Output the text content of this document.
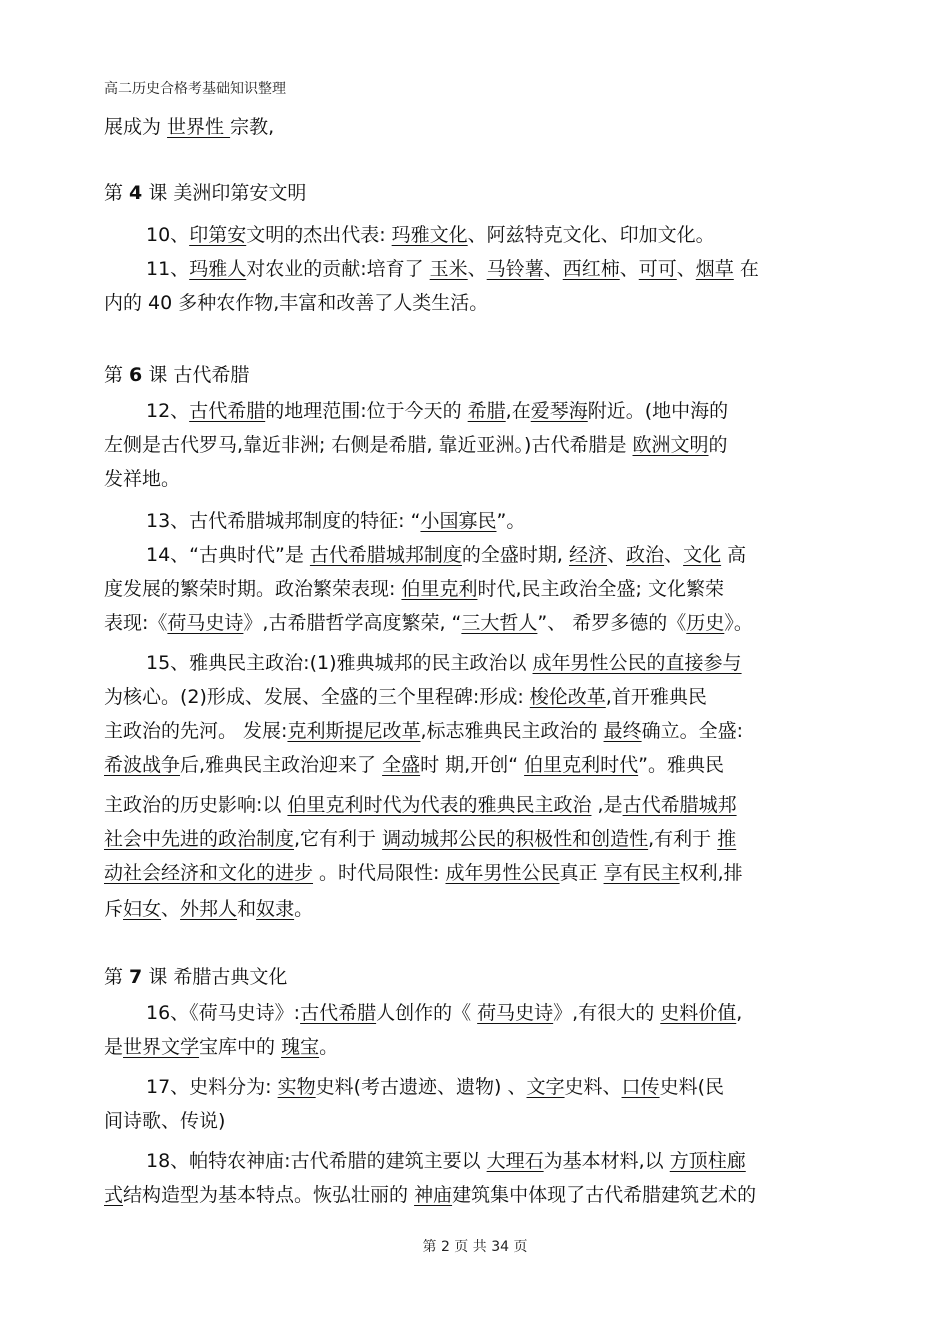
高二历史合格考基础知识整理
展成为 世界性 宗教,
第 4 课 美洲印第安文明
10、印第安文明的杰出代表: 玛雅文化、阿兹特克文化、印加文化。
11、玛雅人对农业的贡献:培育了 玉米、马铃薯、西红柿、可可、烟草 在
内的 40 多种农作物,丰富和改善了人类生活。
第 6 课 古代希腊
12、古代希腊的地理范围:位于今天的 希腊,在爱琴海附近。(地中海的
左侧是古代罗马,靠近非洲; 右侧是希腊, 靠近亚洲。)古代希腊是 欧洲文明的
发祥地。
13、古代希腊城邦制度的特征: “小国寡民”。
14、“古典时代”是 古代希腊城邦制度的全盛时期, 经济、政治、文化 高
度发展的繁荣时期。政治繁荣表现: 伯里克利时代,民主政治全盛; 文化繁荣
表现:《荷马史诗》,古希腊哲学高度繁荣, “三大哲人”、 希罗多德的《历史》。
15、雅典民主政治:(1)雅典城邦的民主政治以 成年男性公民的直接参与
为核心。(2)形成、发展、全盛的三个里程碑:形成: 梭伦改革,首开雅典民
主政治的先河。 发展:克利斯提尼改革,标志雅典民主政治的 最终确立。全盛:
希波战争后,雅典民主政治迎来了 全盛时 期,开创“ 伯里克利时代”。雅典民
主政治的历史影响:以 伯里克利时代为代表的雅典民主政治 ,是古代希腊城邦
社会中先进的政治制度,它有利于 调动城邦公民的积极性和创造性,有利于 推
动社会经济和文化的进步 。时代局限性: 成年男性公民真正 享有民主权利,排
斥妇女、外邦人和奴隶。
第 7 课 希腊古典文化
16、《荷马史诗》:古代希腊人创作的《 荷马史诗》,有很大的 史料价值,
是世界文学宝库中的 瑰宝。
17、史料分为: 实物史料(考古遗迹、遗物) 、文字史料、口传史料(民
间诗歌、传说)
18、帕特农神庙:古代希腊的建筑主要以 大理石为基本材料,以 方顶柱廊
式结构造型为基本特点。恢弘壮丽的 神庙建筑集中体现了古代希腊建筑艺术的
第 2 页 共 34 页
